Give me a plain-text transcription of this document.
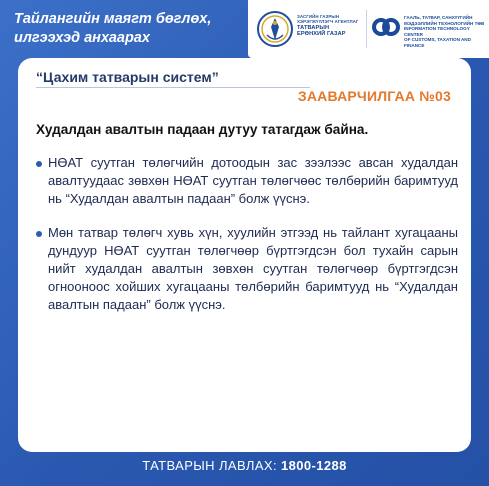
Тайлангийн маягт бөглөх,
илгээхэд анхаарах
ЗАСГИЙН ГАЗРЫН
ХЭРЭГЖҮҮЛЭГЧ АГЕНТЛАГ
ТАТВАРЫН
ЕРӨНХИЙ ГАЗАР
ГААЛЬ, ТАТВАР, САНХҮҮГИЙН
МЭДЭЭЛЛИЙН ТЕХНОЛОГИЙН ТӨВ
INFORMATION TECHNOLOGY CENTER
OF CUSTOMS, TAXATION AND FINANCE
“Цахим татварын систем”
ЗААВАРЧИЛГАА №03
Худалдан авалтын падаан дутуу татагдаж байна.
НӨАТ суутган төлөгчийн дотоодын зас зээлээс авсан худалдан авалтуудаас зөвхөн НӨАТ суутган төлөгчөөс төлбөрийн баримтууд нь “Худалдан авалтын падаан” болж үүснэ.
Мөн татвар төлөгч хувь хүн, хуулийн этгээд нь тайлант хугацааны дундуур НӨАТ суутган төлөгчөөр бүртгэгдсэн бол тухайн сарын нийт худалдан авалтын зөвхөн суутган төлөгчөөр бүртгэгдсэн огнооноос хойших хугацааны төлбөрийн баримтууд нь “Худалдан авалтын падаан” болж үүснэ.
ТАТВАРЫН ЛАВЛАХ: 1800-1288
